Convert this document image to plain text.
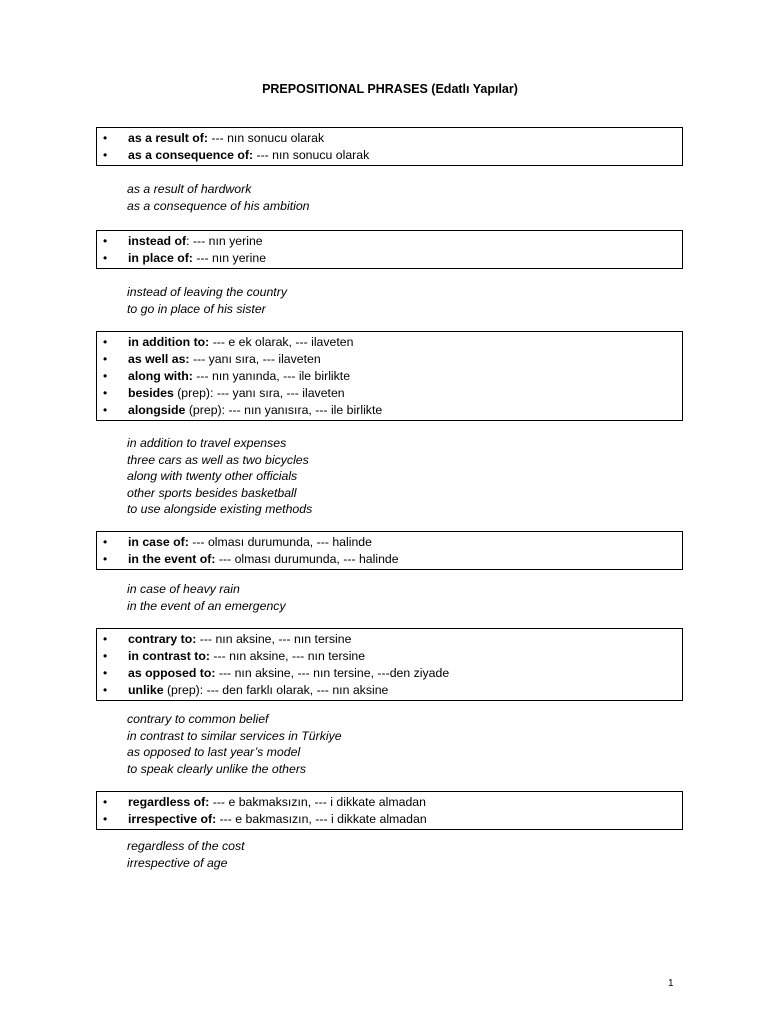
PREPOSITIONAL PHRASES (Edatlı Yapılar)
• as a result of: --- nın sonucu olarak
• as a consequence of: --- nın sonucu olarak
as a result of hardwork
as a consequence of his ambition
• instead of: --- nın yerine
• in place of: --- nın yerine
instead of leaving the country
to go in place of his sister
• in addition to: --- e ek olarak, --- ilaveten
• as well as: --- yanı sıra, --- ilaveten
• along with: --- nın yanında, --- ile birlikte
• besides (prep): --- yanı sıra, --- ilaveten
• alongside (prep): --- nın yanısıra, --- ile birlikte
in addition to travel expenses
three cars as well as two bicycles
along with twenty other officials
other sports besides basketball
to use alongside existing methods
• in case of: --- olması durumunda, --- halinde
• in the event of: --- olması durumunda, --- halinde
in case of heavy rain
in the event of an emergency
• contrary to: --- nın aksine, --- nın tersine
• in contrast to: --- nın aksine, --- nın tersine
• as opposed to: --- nın aksine, --- nın tersine, ---den ziyade
• unlike (prep): --- den farklı olarak, --- nın aksine
contrary to common belief
in contrast to similar services in Türkiye
as opposed to last year’s model
to speak clearly unlike the others
• regardless of: --- e bakmaksızın, --- i dikkate almadan
• irrespective of: --- e bakmasızın, --- i dikkate almadan
regardless of the cost
irrespective of age
1
